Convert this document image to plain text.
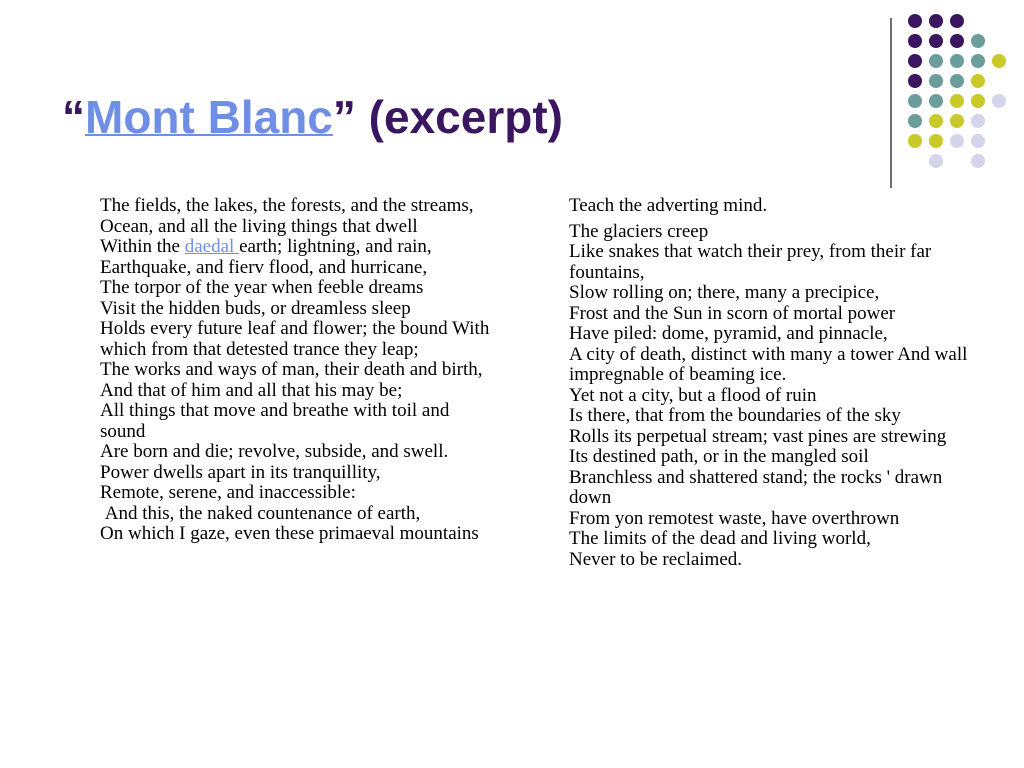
“Mont Blanc” (excerpt)
The fields, the lakes, the forests, and the streams,
Ocean, and all the living things that dwell
Within the daedal earth; lightning, and rain,
Earthquake, and fierv flood, and hurricane,
The torpor of the year when feeble dreams
Visit the hidden buds, or dreamless sleep
Holds every future leaf and flower; the bound With which from that detested trance they leap;
The works and ways of man, their death and birth,
And that of him and all that his may be;
All things that move and breathe with toil and sound
Are born and die; revolve, subside, and swell. Power dwells apart in its tranquillity,
Remote, serene, and inaccessible:
And this, the naked countenance of earth,
On which I gaze, even these primaeval mountains
Teach the adverting mind.
The glaciers creep
Like snakes that watch their prey, from their far fountains,
Slow rolling on; there, many a precipice,
Frost and the Sun in scorn of mortal power
Have piled: dome, pyramid, and pinnacle,
A city of death, distinct with many a tower And wall impregnable of beaming ice.
Yet not a city, but a flood of ruin
Is there, that from the boundaries of the sky
Rolls its perpetual stream; vast pines are strewing
Its destined path, or in the mangled soil
Branchless and shattered stand; the rocks ' drawn down
From yon remotest waste, have overthrown
The limits of the dead and living world,
Never to be reclaimed.
